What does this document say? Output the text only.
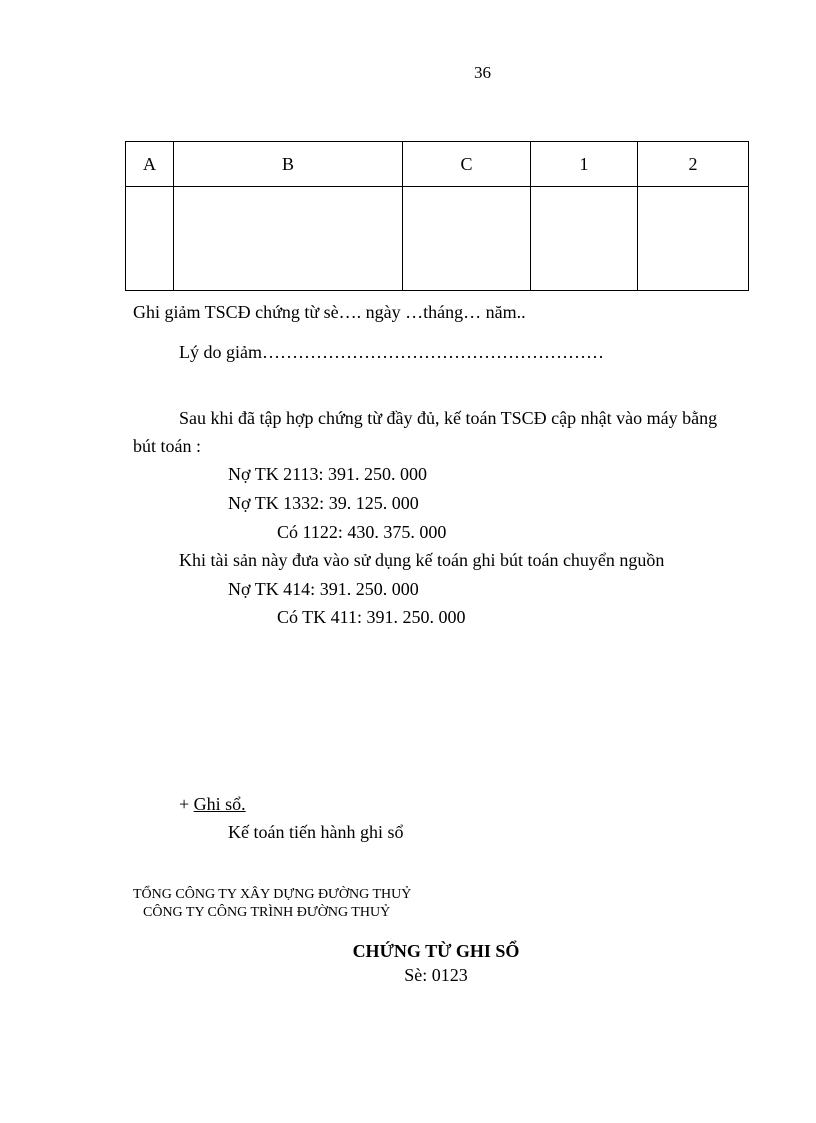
36
A	B	C	1	2

Ghi giảm TSCĐ chứng từ sè…. ngày …tháng… năm..
Lý do giảm…………………………………………………
Sau khi đã tập hợp chứng từ đầy đủ, kế toán TSCĐ cập nhật vào máy bằng
bút toán :
Nợ TK 2113: 391. 250. 000
Nợ TK 1332: 39. 125. 000
Có 1122: 430. 375. 000
Khi tài sản này đưa vào sử dụng kế toán ghi bút toán chuyển nguồn
Nợ TK 414: 391. 250. 000
Có TK 411: 391. 250. 000
+ Ghi sổ.
Kế toán tiến hành ghi sổ
TỔNG CÔNG TY XÂY DỰNG ĐƯỜNG THUỶ
CÔNG TY CÔNG TRÌNH ĐƯỜNG THUỶ
CHỨNG TỪ GHI SỔ
Sè: 0123
